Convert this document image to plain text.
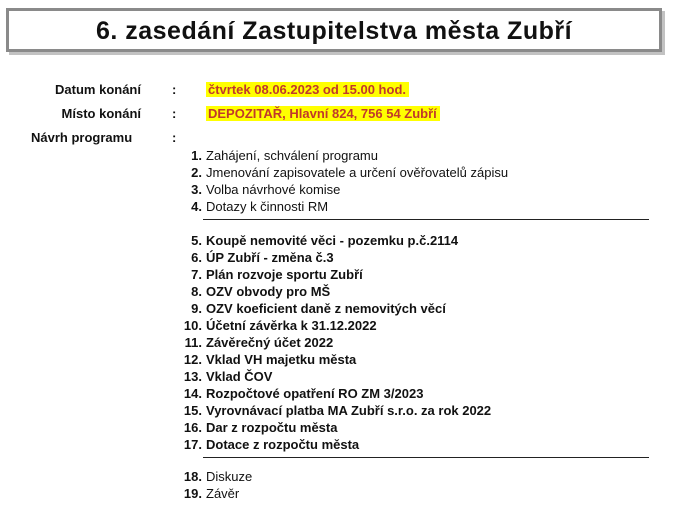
6. zasedání Zastupitelstva města Zubří
Datum konání : čtvrtek 08.06.2023 od 15.00 hod.
Místo konání : DEPOZITAŘ, Hlavní 824, 756 54 Zubří
Návrh programu	:
1. Zahájení, schválení programu
2. Jmenování zapisovatele a určení ověřovatelů zápisu
3. Volba návrhové komise
4. Dotazy k činnosti RM
5. Koupě nemovité věci - pozemku p.č.2114
6. ÚP Zubří - změna č.3
7. Plán rozvoje sportu Zubří
8. OZV obvody pro MŠ
9. OZV koeficient daně z nemovitých věcí
10. Účetní závěrka k 31.12.2022
11. Závěrečný účet 2022
12. Vklad VH majetku města
13. Vklad ČOV
14. Rozpočtové opatření RO ZM 3/2023
15. Vyrovnávací platba MA Zubří s.r.o. za rok 2022
16. Dar z rozpočtu města
17. Dotace z rozpočtu města
18. Diskuze
19. Závěr
